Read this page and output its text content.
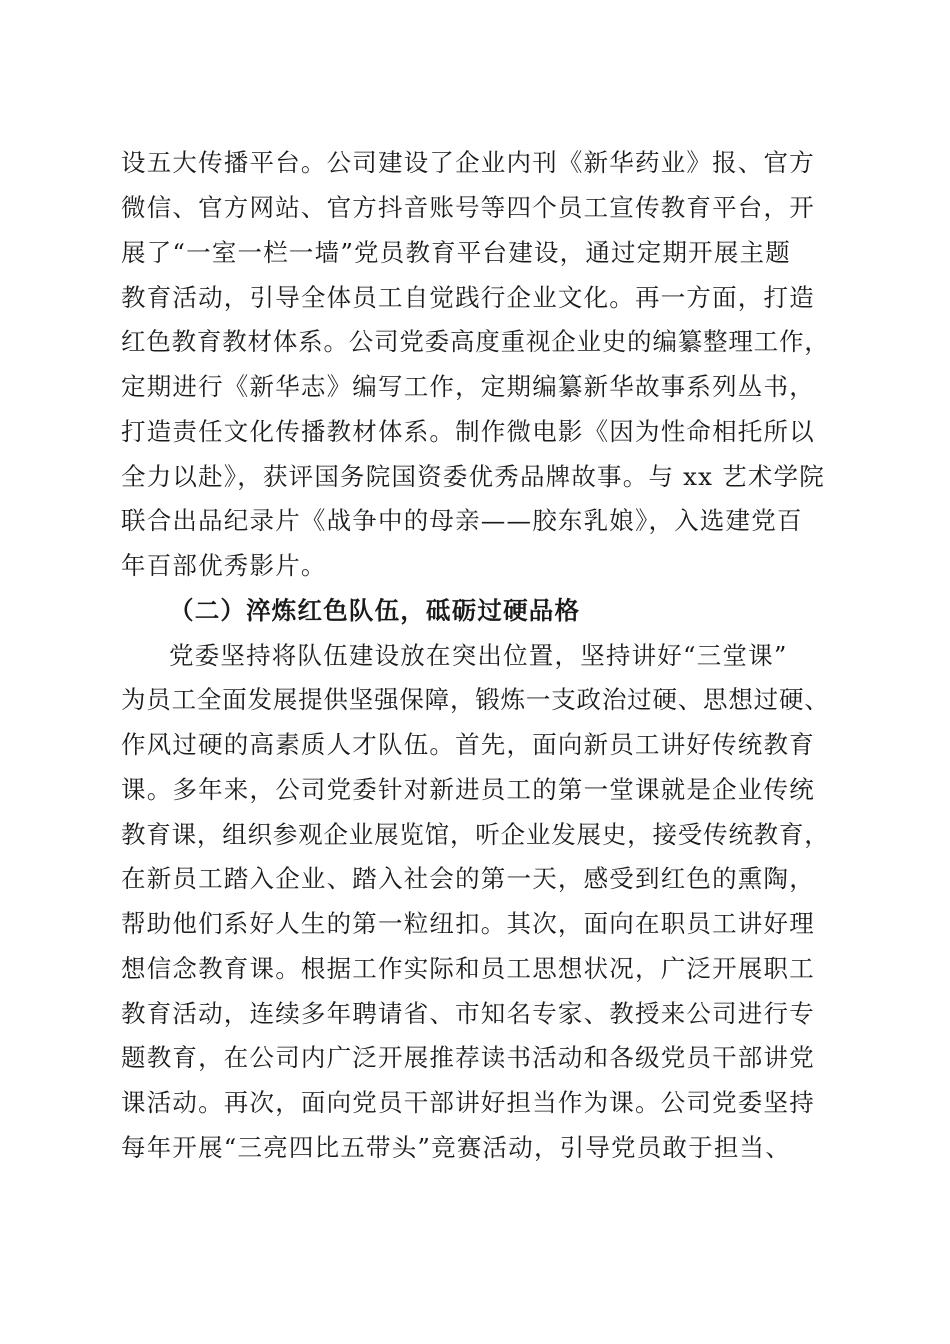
设五大传播平台。公司建设了企业内刊《新华药业》报、官方
微信、官方网站、官方抖音账号等四个员工宣传教育平台，开
展了“一室一栏一墙”党员教育平台建设，通过定期开展主题
教育活动，引导全体员工自觉践行企业文化。再一方面，打造
红色教育教材体系。公司党委高度重视企业史的编纂整理工作，
定期进行《新华志》编写工作，定期编纂新华故事系列丛书，
打造责任文化传播教材体系。制作微电影《因为性命相托所以
全力以赴》，获评国务院国资委优秀品牌故事。与 xx 艺术学院
联合出品纪录片《战争中的母亲——胶东乳娘》，入选建党百
年百部优秀影片。
（二）淬炼红色队伍，砥砺过硬品格
党委坚持将队伍建设放在突出位置，坚持讲好“三堂课”
为员工全面发展提供坚强保障，锻炼一支政治过硬、思想过硬、
作风过硬的高素质人才队伍。首先，面向新员工讲好传统教育
课。多年来，公司党委针对新进员工的第一堂课就是企业传统
教育课，组织参观企业展览馆，听企业发展史，接受传统教育，
在新员工踏入企业、踏入社会的第一天，感受到红色的熏陶，
帮助他们系好人生的第一粒纽扣。其次，面向在职员工讲好理
想信念教育课。根据工作实际和员工思想状况，广泛开展职工
教育活动，连续多年聘请省、市知名专家、教授来公司进行专
题教育，在公司内广泛开展推荐读书活动和各级党员干部讲党
课活动。再次，面向党员干部讲好担当作为课。公司党委坚持
每年开展“三亮四比五带头”竞赛活动，引导党员敢于担当、
